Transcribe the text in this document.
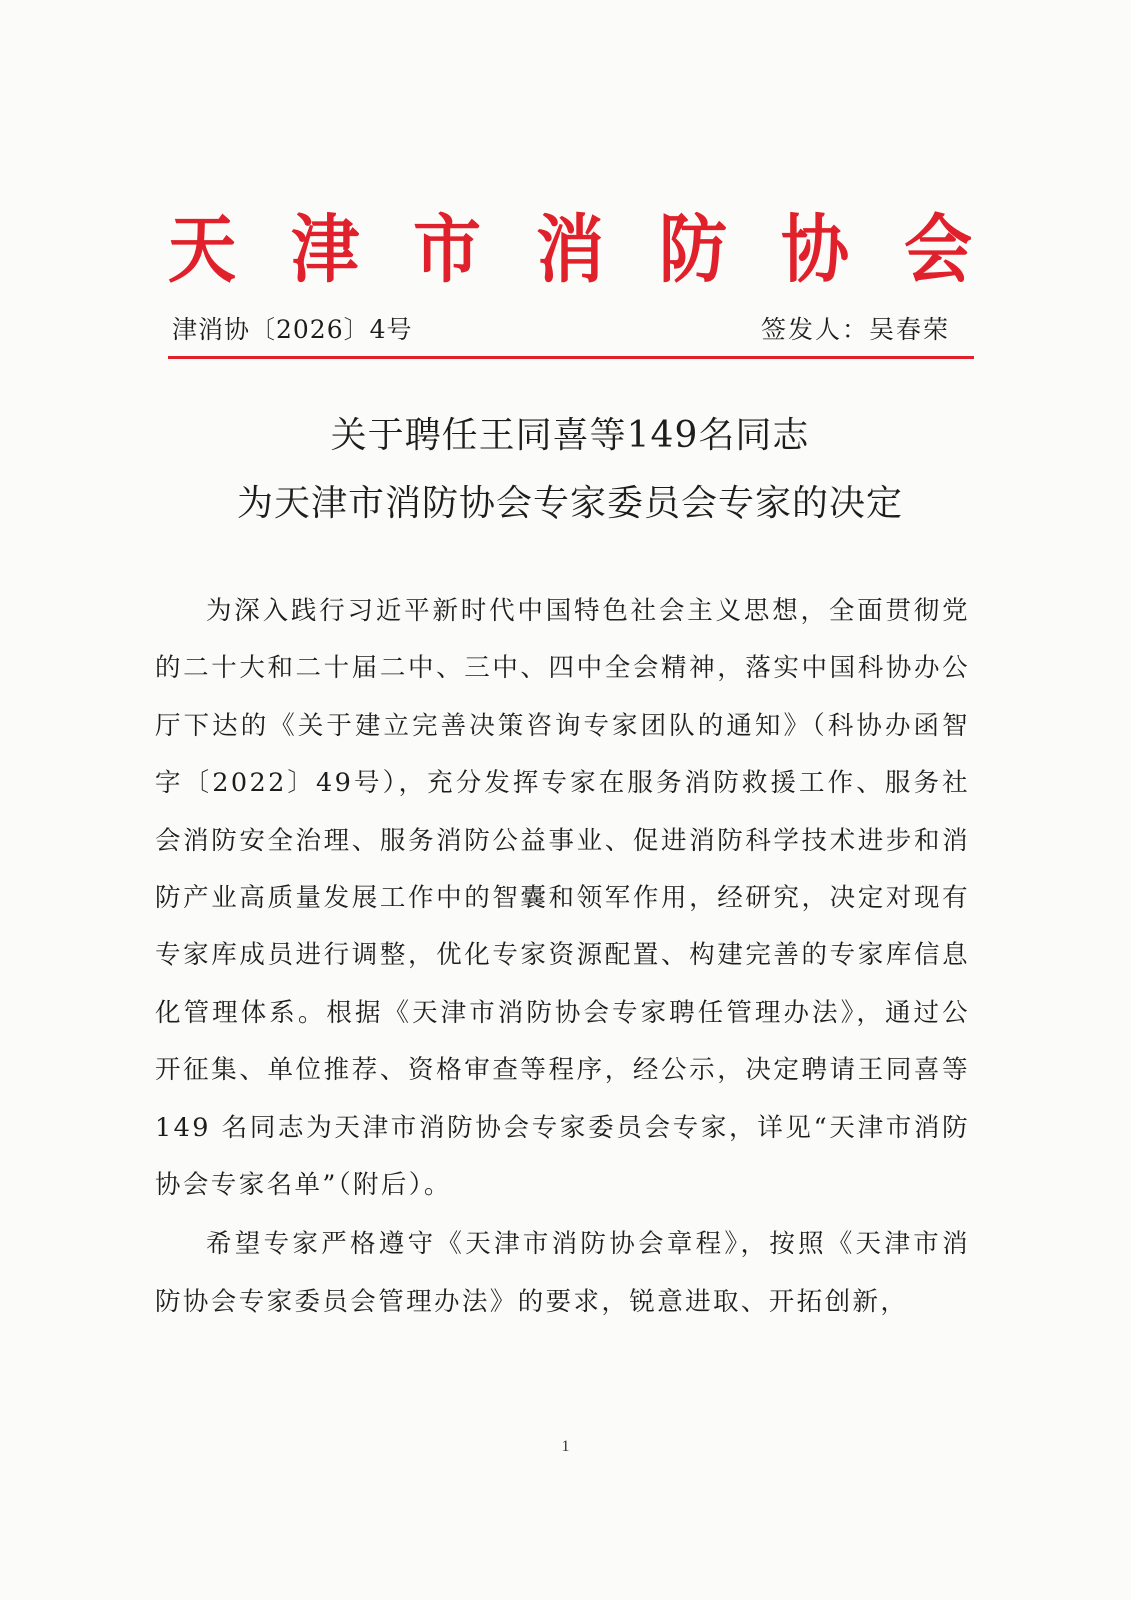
天 津 市 消 防 协 会
津消协〔2026〕4号	签发人：吴春荣
关于聘任王同喜等149名同志
为天津市消防协会专家委员会专家的决定

为深入践行习近平新时代中国特色社会主义思想，全面贯彻党的二十大和二十届二中、三中、四中全会精神，落实中国科协办公厅下达的《关于建立完善决策咨询专家团队的通知》（科协办函智字〔2022〕49号），充分发挥专家在服务消防救援工作、服务社会消防安全治理、服务消防公益事业、促进消防科学技术进步和消防产业高质量发展工作中的智囊和领军作用，经研究，决定对现有专家库成员进行调整，优化专家资源配置、构建完善的专家库信息化管理体系。根据《天津市消防协会专家聘任管理办法》，通过公开征集、单位推荐、资格审查等程序，经公示，决定聘请王同喜等 149 名同志为天津市消防协会专家委员会专家，详见“天津市消防协会专家名单”（附后）。

希望专家严格遵守《天津市消防协会章程》，按照《天津市消防协会专家委员会管理办法》的要求，锐意进取、开拓创新，

1
